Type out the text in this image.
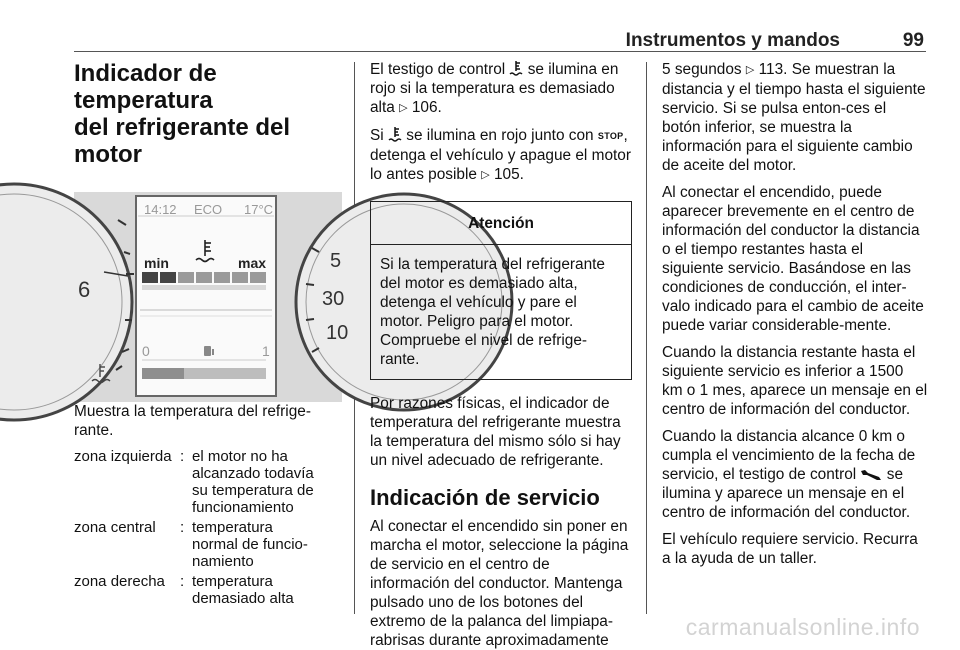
Instrumentos y mandos	99
Indicador de temperatura
del refrigerante del motor
14:12 ECO 17°C
min	max
0	1
6
5
30
10

Muestra la temperatura del refrige-rante.

zona izquierda : el motor no ha
alcanzado todavía
su temperatura de
funcionamiento
zona central	: temperatura
normal de funcio-
namiento
zona derecha	: temperatura
demasiado alta

El testigo de control se ilumina en rojo si la temperatura es demasiado alta ▷ 106.

Si se ilumina en rojo junto con STOP, detenga el vehículo y apague el motor lo antes posible ▷ 105.

Atención
Si la temperatura del refrigerante del motor es demasiado alta, detenga el vehículo y pare el motor. Peligro para el motor. Compruebe el nivel de refrige-rante.

Por razones físicas, el indicador de temperatura del refrigerante muestra la temperatura del mismo sólo si hay un nivel adecuado de refrigerante.

Indicación de servicio

Al conectar el encendido sin poner en marcha el motor, seleccione la página de servicio en el centro de información del conductor. Mantenga pulsado uno de los botones del extremo de la palanca del limpiapa-rabrisas durante aproximadamente

5 segundos ▷ 113. Se muestran la distancia y el tiempo hasta el siguiente servicio. Si se pulsa enton-ces el botón inferior, se muestra la información para el siguiente cambio de aceite del motor.

Al conectar el encendido, puede aparecer brevemente en el centro de información del conductor la distancia o el tiempo restantes hasta el siguiente servicio. Basándose en las condiciones de conducción, el inter-valo indicado para el cambio de aceite puede variar considerable-mente.

Cuando la distancia restante hasta el siguiente servicio es inferior a 1500 km o 1 mes, aparece un mensaje en el centro de información del conductor.

Cuando la distancia alcance 0 km o cumpla el vencimiento de la fecha de servicio, el testigo de control se ilumina y aparece un mensaje en el centro de información del conductor.

El vehículo requiere servicio. Recurra a la ayuda de un taller.

carmanualsonline.info
